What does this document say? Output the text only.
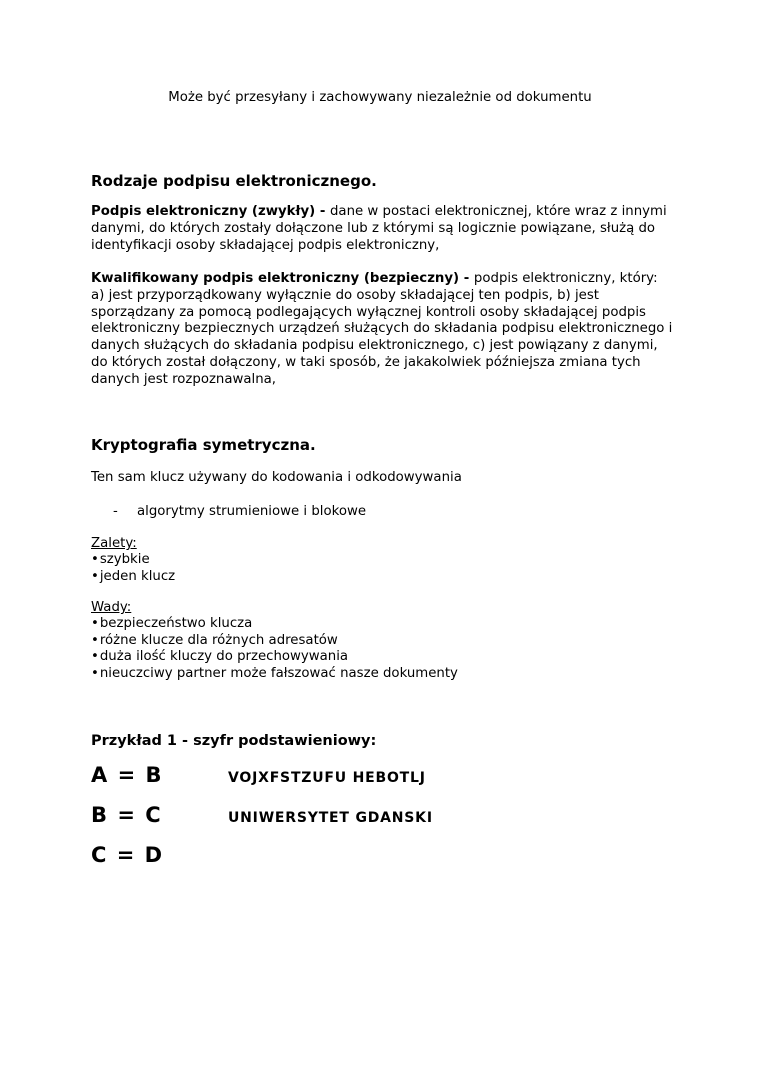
Może być przesyłany i zachowywany niezależnie od dokumentu
Rodzaje podpisu elektronicznego.
Podpis elektroniczny (zwykły) - dane w postaci elektronicznej, które wraz z innymi danymi, do których zostały dołączone lub z którymi są logicznie powiązane, służą do identyfikacji osoby składającej podpis elektroniczny,
Kwalifikowany podpis elektroniczny (bezpieczny) - podpis elektroniczny, który: a) jest przyporządkowany wyłącznie do osoby składającej ten podpis, b) jest sporządzany za pomocą podlegających wyłącznej kontroli osoby składającej podpis elektroniczny bezpiecznych urządzeń służących do składania podpisu elektronicznego i danych służących do składania podpisu elektronicznego, c) jest powiązany z danymi, do których został dołączony, w taki sposób, że jakakolwiek późniejsza zmiana tych danych jest rozpoznawalna,
Kryptografia symetryczna.
Ten sam klucz używany do kodowania i odkodowywania
-	algorytmy strumieniowe i blokowe
Zalety:
•szybkie
•jeden klucz
Wady:
•bezpieczeństwo klucza
•różne klucze dla różnych adresatów
•duża ilość kluczy do przechowywania
•nieuczciwy partner może fałszować nasze dokumenty
Przykład 1 - szyfr podstawieniowy:
A = B	VOJXFSTZUFU HEBOTLJ
B = C	UNIWERSYTET GDANSKI
C = D
